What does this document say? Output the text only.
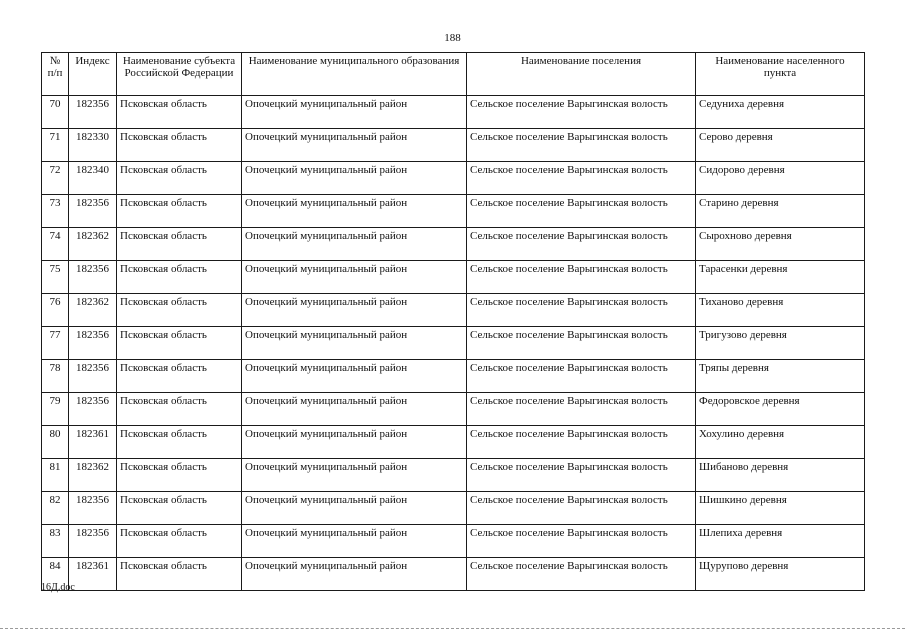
188
№ п/п	Индекс	Наименование субъекта Российской Федерации	Наименование муниципального образования	Наименование поселения	Наименование населенного пункта
70	182356	Псковская область	Опочецкий муниципальный район	Сельское поселение Варыгинская волость	Седуниха деревня
71	182330	Псковская область	Опочецкий муниципальный район	Сельское поселение Варыгинская волость	Серово деревня
72	182340	Псковская область	Опочецкий муниципальный район	Сельское поселение Варыгинская волость	Сидорово деревня
73	182356	Псковская область	Опочецкий муниципальный район	Сельское поселение Варыгинская волость	Старино деревня
74	182362	Псковская область	Опочецкий муниципальный район	Сельское поселение Варыгинская волость	Сырохново деревня
75	182356	Псковская область	Опочецкий муниципальный район	Сельское поселение Варыгинская волость	Тарасенки деревня
76	182362	Псковская область	Опочецкий муниципальный район	Сельское поселение Варыгинская волость	Тиханово деревня
77	182356	Псковская область	Опочецкий муниципальный район	Сельское поселение Варыгинская волость	Тригузово деревня
78	182356	Псковская область	Опочецкий муниципальный район	Сельское поселение Варыгинская волость	Тряпы деревня
79	182356	Псковская область	Опочецкий муниципальный район	Сельское поселение Варыгинская волость	Федоровское деревня
80	182361	Псковская область	Опочецкий муниципальный район	Сельское поселение Варыгинская волость	Хохулино деревня
81	182362	Псковская область	Опочецкий муниципальный район	Сельское поселение Варыгинская волость	Шибаново деревня
82	182356	Псковская область	Опочецкий муниципальный район	Сельское поселение Варыгинская волость	Шишкино деревня
83	182356	Псковская область	Опочецкий муниципальный район	Сельское поселение Варыгинская волость	Шлепиха деревня
84	182361	Псковская область	Опочецкий муниципальный район	Сельское поселение Варыгинская волость	Щурупово деревня
16Д.doc
